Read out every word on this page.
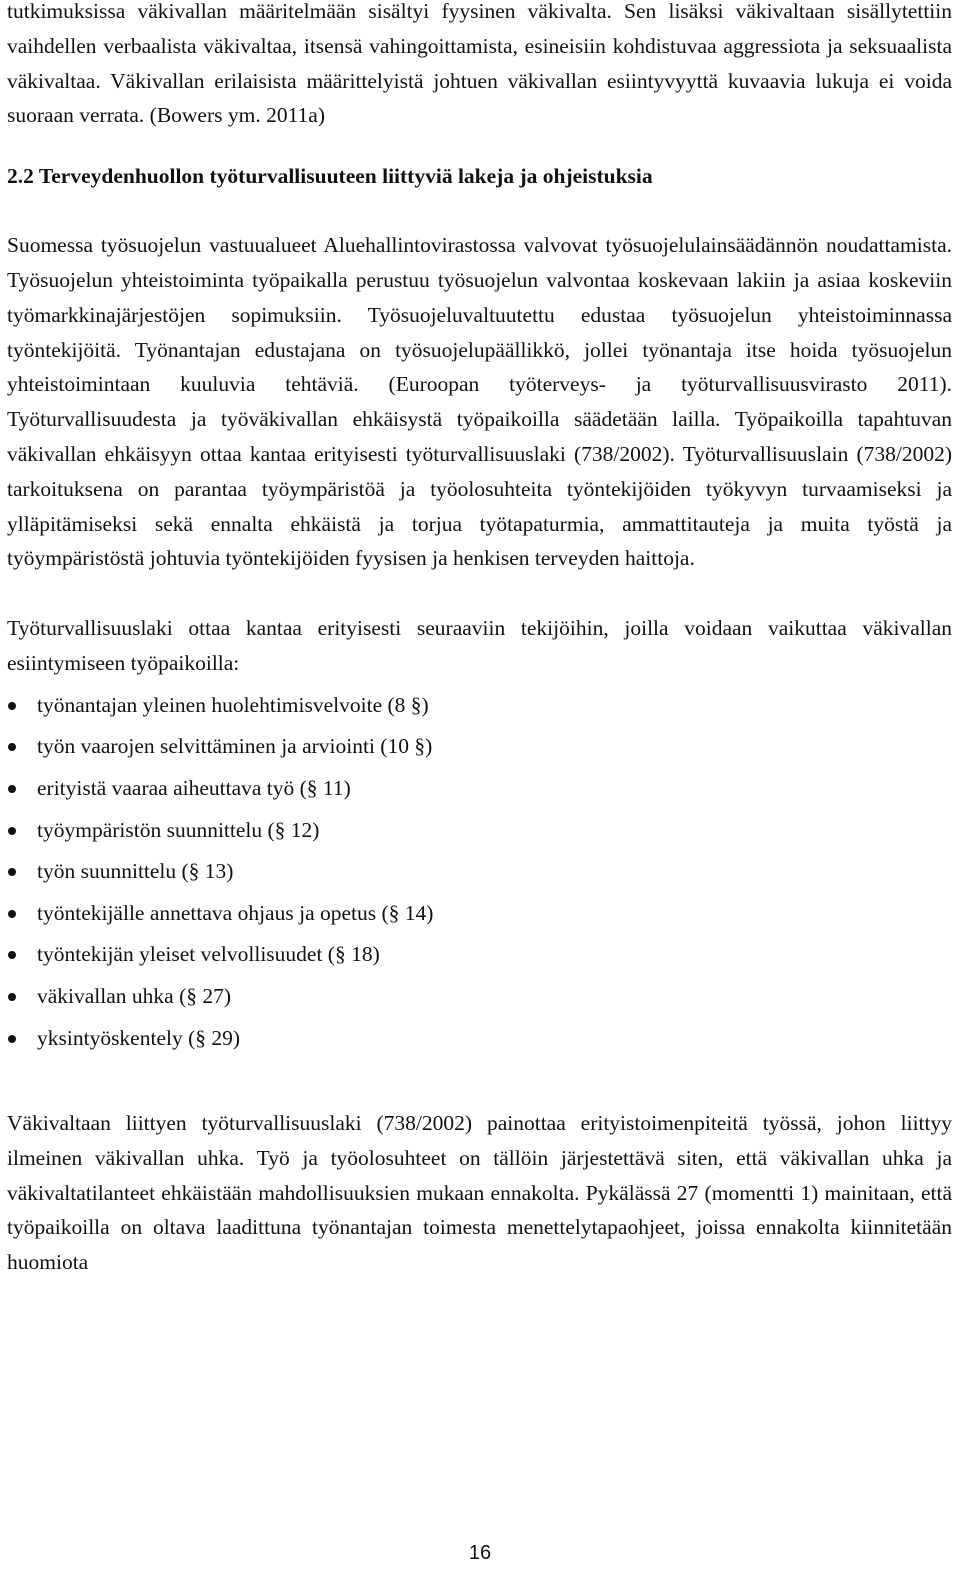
tutkimuksissa väkivallan määritelmään sisältyi fyysinen väkivalta. Sen lisäksi väkivaltaan sisällytettiin vaihdellen verbaalista väkivaltaa, itsensä vahingoittamista, esineisiin kohdistuvaa aggressiota ja seksuaalista väkivaltaa. Väkivallan erilaisista määrittelyistä johtuen väkivallan esiintyvyyttä kuvaavia lukuja ei voida suoraan verrata. (Bowers ym. 2011a)

2.2 Terveydenhuollon työturvallisuuteen liittyviä lakeja ja ohjeistuksia

Suomessa työsuojelun vastuualueet Aluehallintovirastossa valvovat työsuojelulainsäädännön noudattamista. Työsuojelun yhteistoiminta työpaikalla perustuu työsuojelun valvontaa koskevaan lakiin ja asiaa koskeviin työmarkkinajärjestöjen sopimuksiin. Työsuojeluvaltuutettu edustaa työsuojelun yhteistoiminnassa työntekijöitä. Työnantajan edustajana on työsuojelupäällikkö, jollei työnantaja itse hoida työsuojelun yhteistoimintaan kuuluvia tehtäviä. (Euroopan työterveys- ja työturvallisuusvirasto 2011). Työturvallisuudesta ja työväkivallan ehkäisystä työpaikoilla säädetään lailla. Työpaikoilla tapahtuvan väkivallan ehkäisyyn ottaa kantaa erityisesti työturvallisuuslaki (738/2002). Työturvallisuuslain (738/2002) tarkoituksena on parantaa työympäristöä ja työolosuhteita työntekijöiden työkyvyn turvaamiseksi ja ylläpitämiseksi sekä ennalta ehkäistä ja torjua työtapaturmia, ammattitauteja ja muita työstä ja työympäristöstä johtuvia työntekijöiden fyysisen ja henkisen terveyden haittoja.

Työturvallisuuslaki ottaa kantaa erityisesti seuraaviin tekijöihin, joilla voidaan vaikuttaa väkivallan esiintymiseen työpaikoilla:

työnantajan yleinen huolehtimisvelvoite (8 §)
työn vaarojen selvittäminen ja arviointi (10 §)
erityistä vaaraa aiheuttava työ (§ 11)
työympäristön suunnittelu (§ 12)
työn suunnittelu (§ 13)
työntekijälle annettava ohjaus ja opetus (§ 14)
työntekijän yleiset velvollisuudet (§ 18)
väkivallan uhka (§ 27)
yksintyöskentely (§ 29)

Väkivaltaan liittyen työturvallisuuslaki (738/2002) painottaa erityistoimenpiteitä työssä, johon liittyy ilmeinen väkivallan uhka. Työ ja työolosuhteet on tällöin järjestettävä siten, että väkivallan uhka ja väkivaltatilanteet ehkäistään mahdollisuuksien mukaan ennakolta. Pykälässä 27 (momentti 1) mainitaan, että työpaikoilla on oltava laadittuna työnantajan toimesta menettelytapaohjeet, joissa ennakolta kiinnitetään huomiota

16
